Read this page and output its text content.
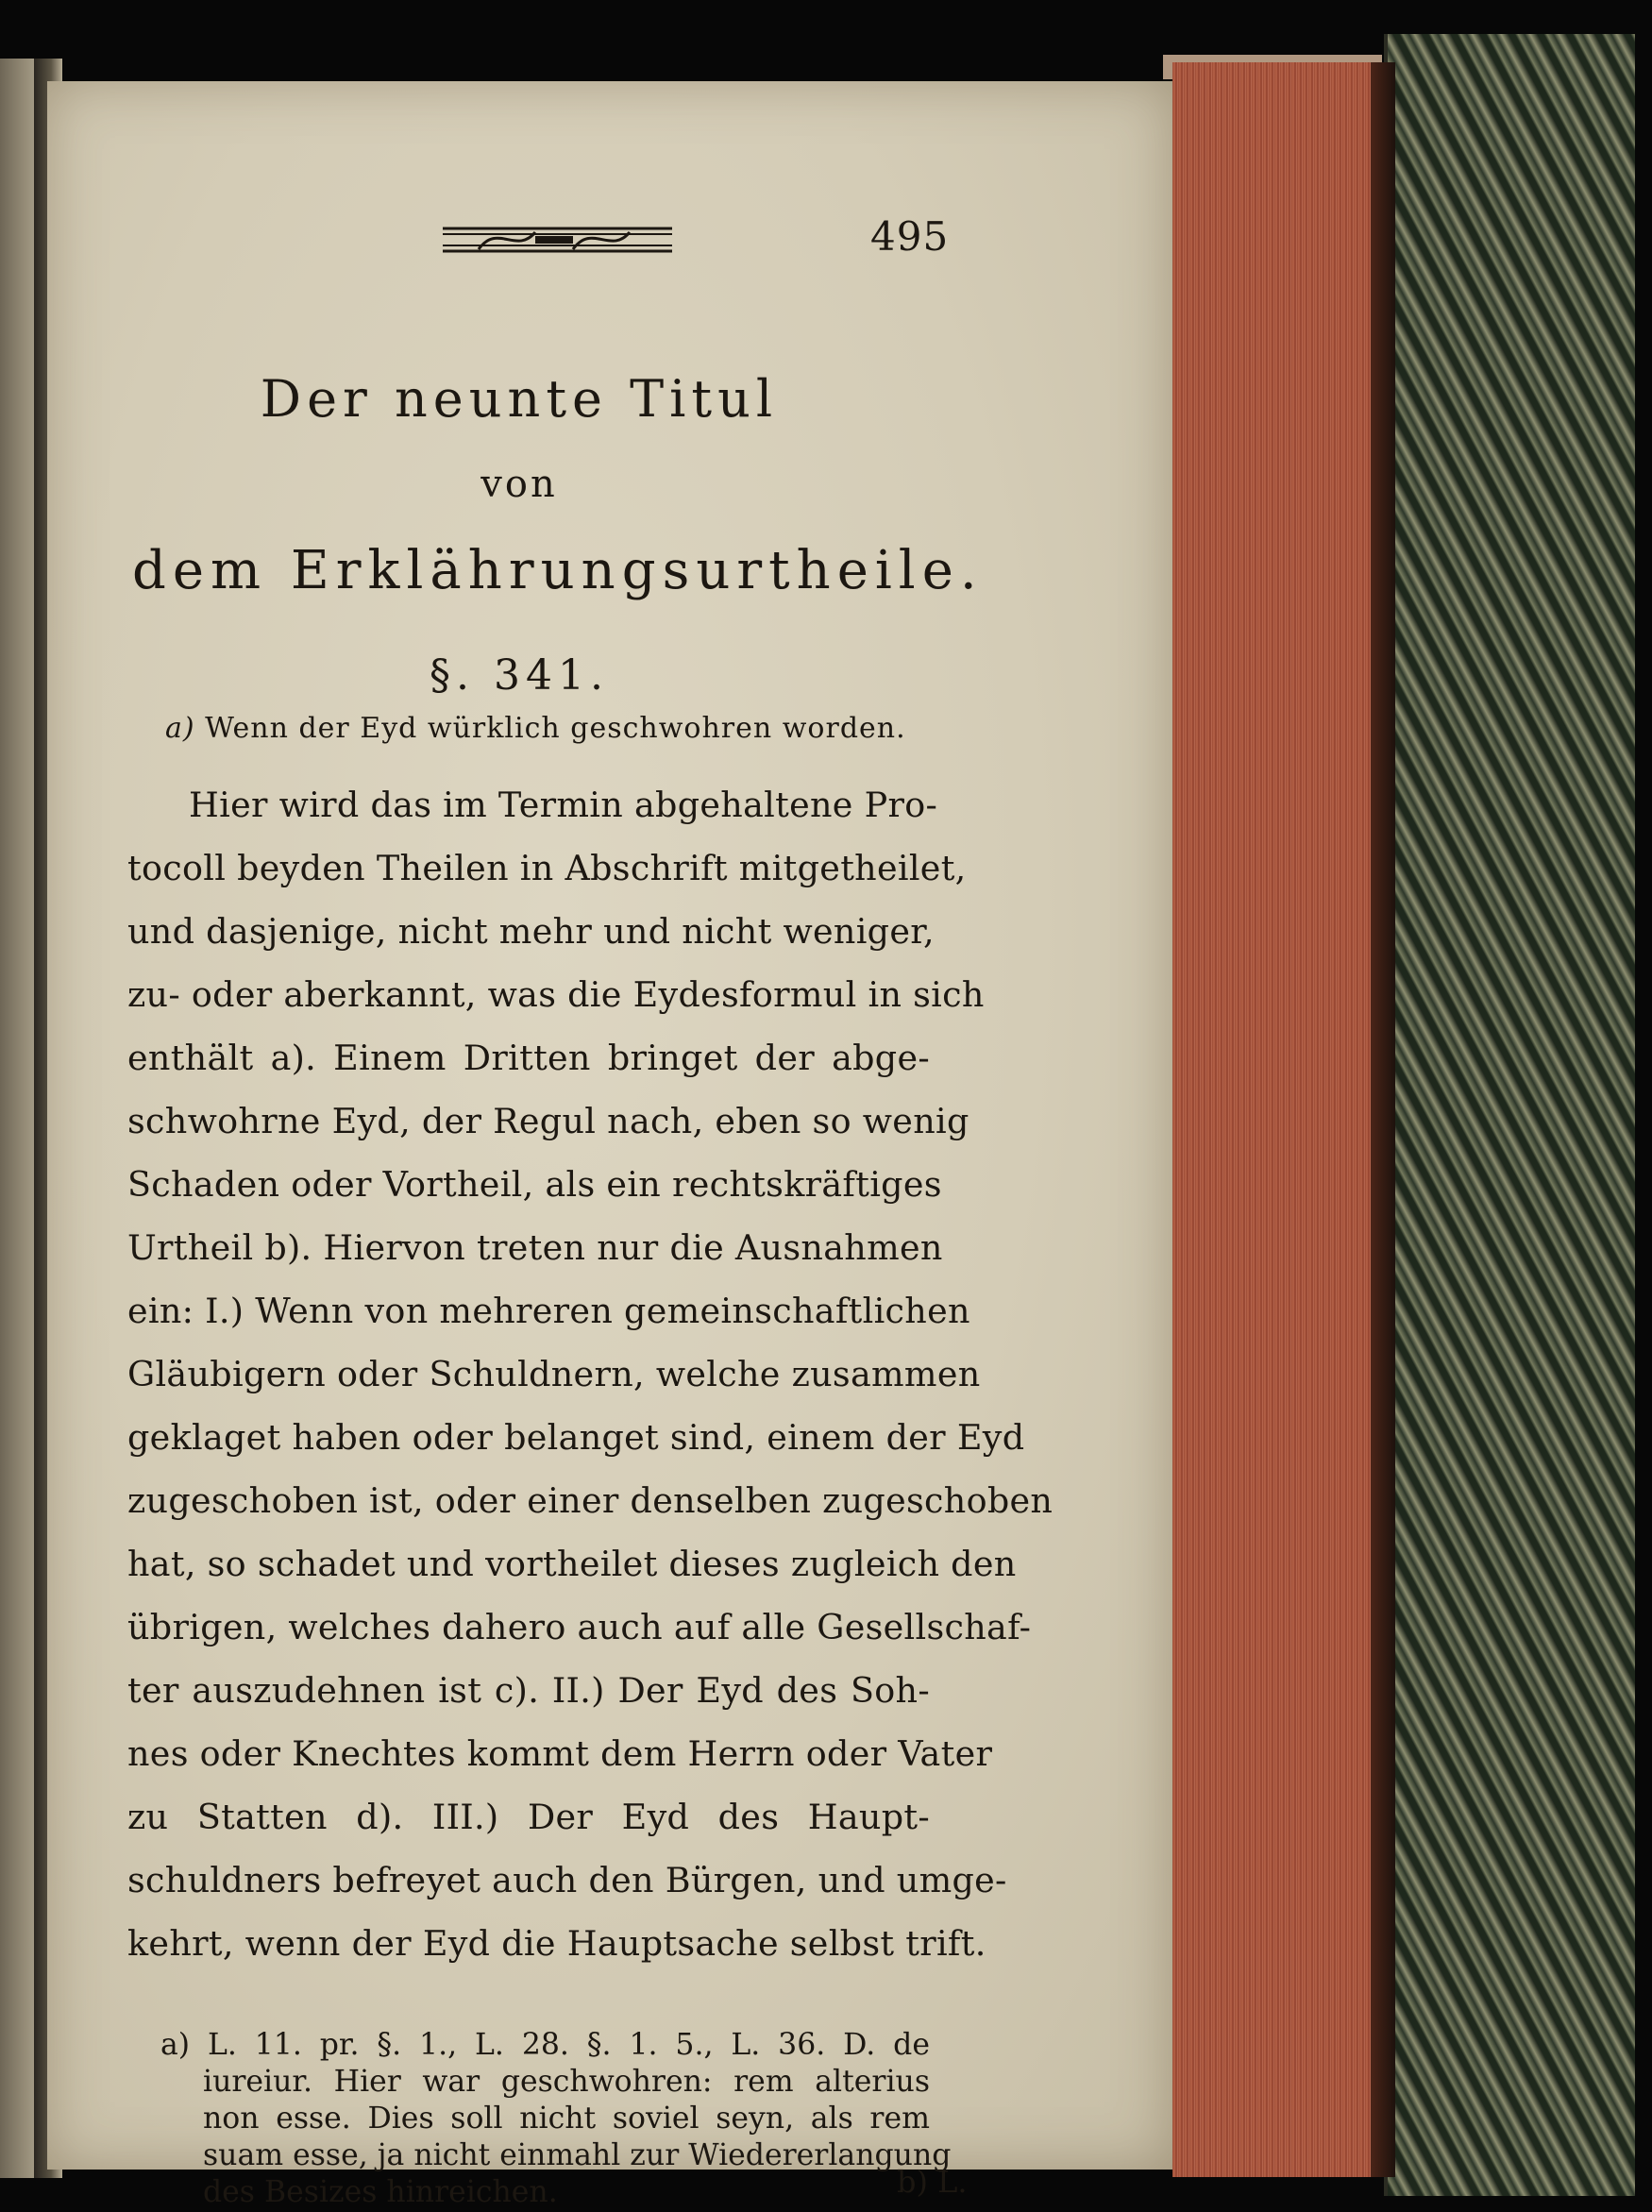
495
Der neunte Titul
von
dem Erklährungsurtheile.
§. 341.
a) Wenn der Eyd würklich geschwohren worden.
Hier wird das im Termin abgehaltene Pro-
tocoll beyden Theilen in Abschrift mitgetheilet,
und dasjenige, nicht mehr und nicht weniger,
zu- oder aberkannt, was die Eydesformul in sich
enthält a). Einem Dritten bringet der abge-
schwohrne Eyd, der Regul nach, eben so wenig
Schaden oder Vortheil, als ein rechtskräftiges
Urtheil b). Hiervon treten nur die Ausnahmen
ein: I.) Wenn von mehreren gemeinschaftlichen
Gläubigern oder Schuldnern, welche zusammen
geklaget haben oder belanget sind, einem der Eyd
zugeschoben ist, oder einer denselben zugeschoben
hat, so schadet und vortheilet dieses zugleich den
übrigen, welches dahero auch auf alle Gesellschaf-
ter auszudehnen ist c). II.) Der Eyd des Soh-
nes oder Knechtes kommt dem Herrn oder Vater
zu Statten d). III.) Der Eyd des Haupt-
schuldners befreyet auch den Bürgen, und umge-
kehrt, wenn der Eyd die Hauptsache selbst trift.
a) L. 11. pr. §. 1., L. 28. §. 1. 5., L. 36. D. de
iureiur. Hier war geschwohren: rem alterius
non esse. Dies soll nicht soviel seyn, als rem
suam esse, ja nicht einmahl zur Wiedererlangung
des Besizes hinreichen.	b) L.
